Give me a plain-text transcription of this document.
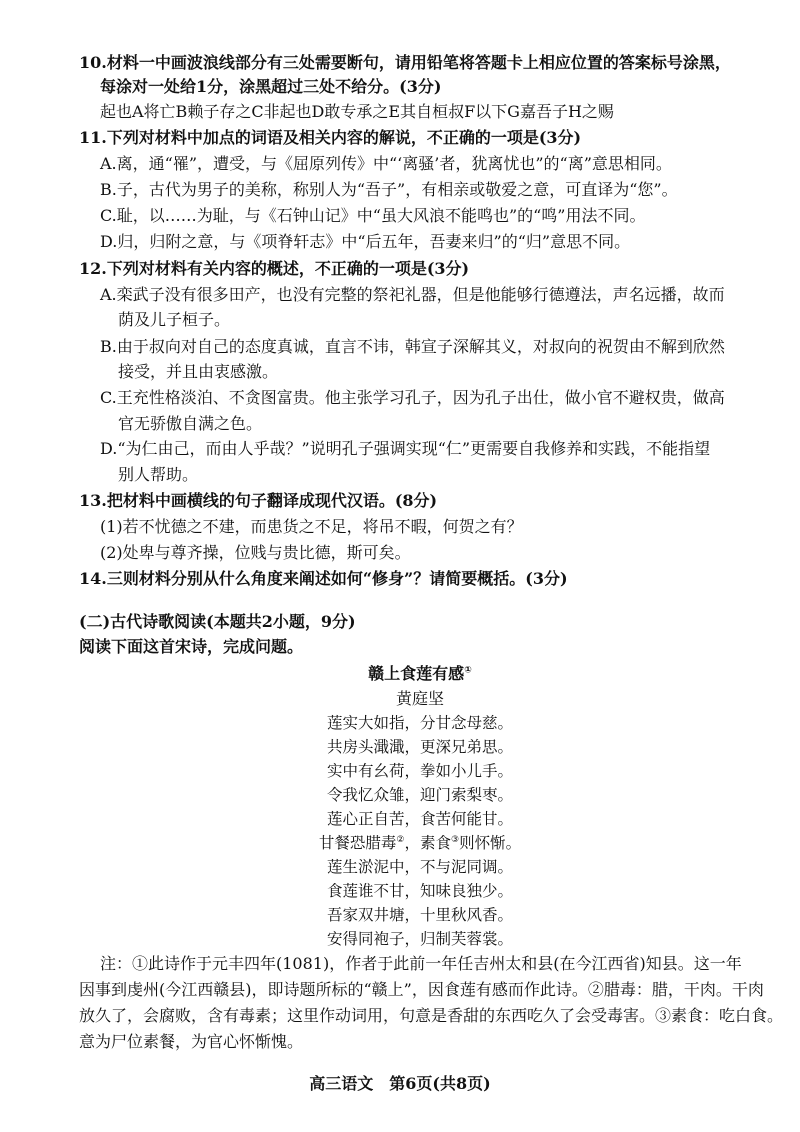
10.材料一中画波浪线部分有三处需要断句，请用铅笔将答题卡上相应位置的答案标号涂黑，
每涂对一处给1分，涂黑超过三处不给分。(3分)
起也A将亡B赖子存之C非起也D敢专承之E其自桓叔F以下G嘉吾子H之赐
11.下列对材料中加点的词语及相关内容的解说，不正确的一项是(3分)
A.离，通“罹”，遭受，与《屈原列传》中“‘离骚’者，犹离忧也”的“离”意思相同。
B.子，古代为男子的美称，称别人为“吾子”，有相亲或敬爱之意，可直译为“您”。
C.耻，以……为耻，与《石钟山记》中“虽大风浪不能鸣也”的“鸣”用法不同。
D.归，归附之意，与《项脊轩志》中“后五年，吾妻来归”的“归”意思不同。
12.下列对材料有关内容的概述，不正确的一项是(3分)
A.栾武子没有很多田产，也没有完整的祭祀礼器，但是他能够行德遵法，声名远播，故而
荫及儿子桓子。
B.由于叔向对自己的态度真诚，直言不讳，韩宣子深解其义，对叔向的祝贺由不解到欣然
接受，并且由衷感激。
C.王充性格淡泊、不贪图富贵。他主张学习孔子，因为孔子出仕，做小官不避权贵，做高
官无骄傲自满之色。
D.“为仁由己，而由人乎哉？”说明孔子强调实现“仁”更需要自我修养和实践，不能指望
别人帮助。
13.把材料中画横线的句子翻译成现代汉语。(8分)
(1)若不忧德之不建，而患货之不足，将吊不暇，何贺之有？
(2)处卑与尊齐操，位贱与贵比德，斯可矣。
14.三则材料分别从什么角度来阐述如何“修身”？请简要概括。(3分)
(二)古代诗歌阅读(本题共2小题，9分)
阅读下面这首宋诗，完成问题。
赣上食莲有感①
黄庭坚
莲实大如指，分甘念母慈。
共房头濈濈，更深兄弟思。
实中有幺荷，拳如小儿手。
令我忆众雏，迎门索梨枣。
莲心正自苦，食苦何能甘。
甘餐恐腊毒②，素食③则怀惭。
莲生淤泥中，不与泥同调。
食莲谁不甘，知味良独少。
吾家双井塘，十里秋风香。
安得同袍子，归制芙蓉裳。
注：①此诗作于元丰四年(1081)，作者于此前一年任吉州太和县(在今江西省)知县。这一年
因事到虔州(今江西赣县)，即诗题所标的“赣上”，因食莲有感而作此诗。②腊毒：腊，干肉。干肉
放久了，会腐败，含有毒素；这里作动词用，句意是香甜的东西吃久了会受毒害。③素食：吃白食。
意为尸位素餐，为官心怀惭愧。
高三语文　第6页(共8页)
